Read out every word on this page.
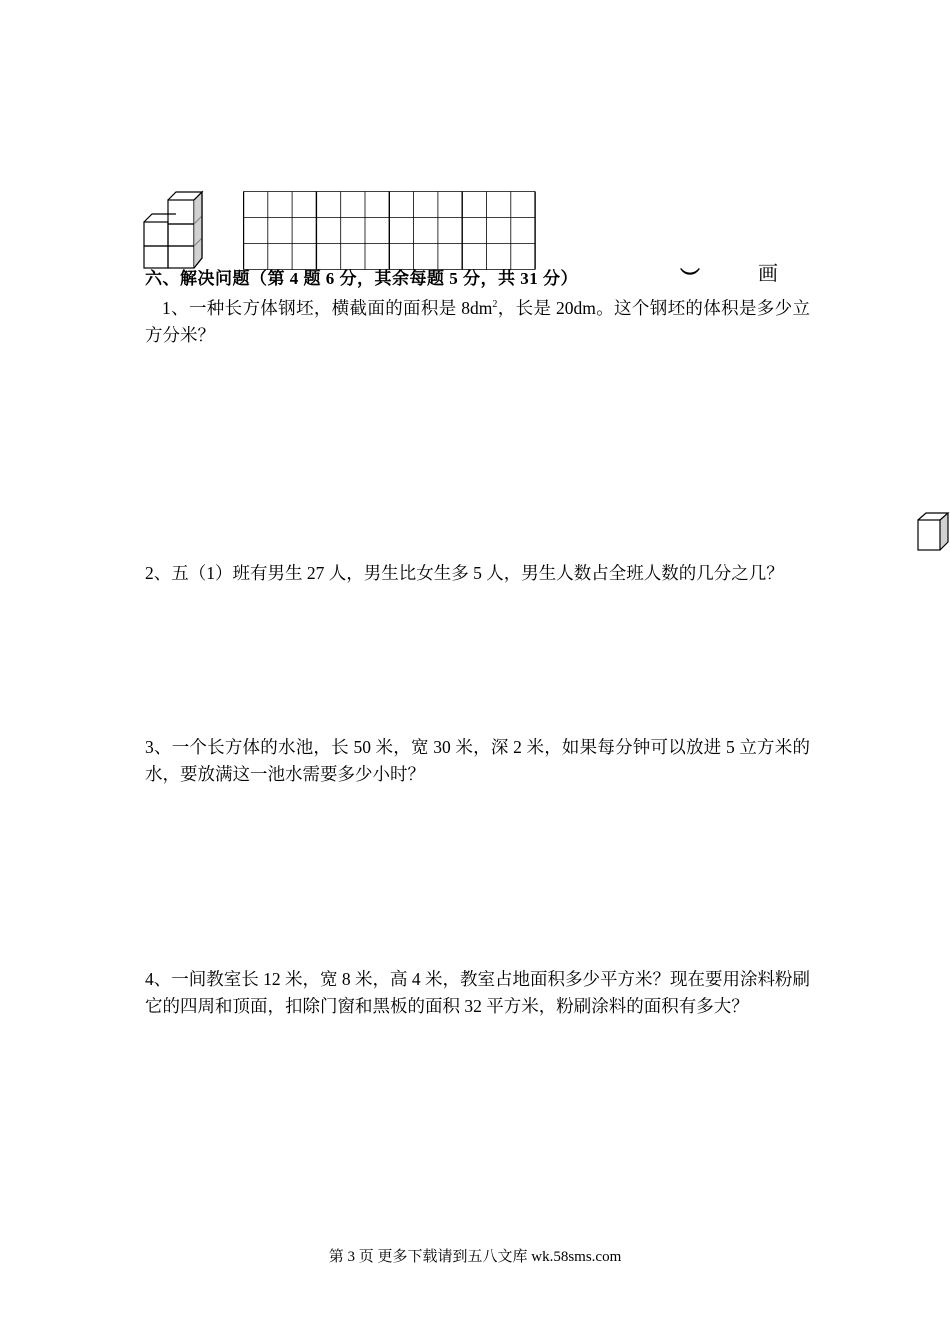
六、解决问题（第 4 题 6 分，其余每题 5 分，共 31 分）	︶	画
1、一种长方体钢坯，横截面的面积是 $8dm^2$，长是 20dm。这个钢坯的体积是多少立方分米？
2、五（1）班有男生 27 人，男生比女生多 5 人，男生人数占全班人数的几分之几？
3、一个长方体的水池，长 50 米，宽 30 米，深 2 米，如果每分钟可以放进 5 立方米的水，要放满这一池水需要多少小时？
4、一间教室长 12 米，宽 8 米，高 4 米，教室占地面积多少平方米？现在要用涂料粉刷它的四周和顶面，扣除门窗和黑板的面积 32 平方米，粉刷涂料的面积有多大？
第 3 页 更多下载请到五八文库 wk.58sms.com
